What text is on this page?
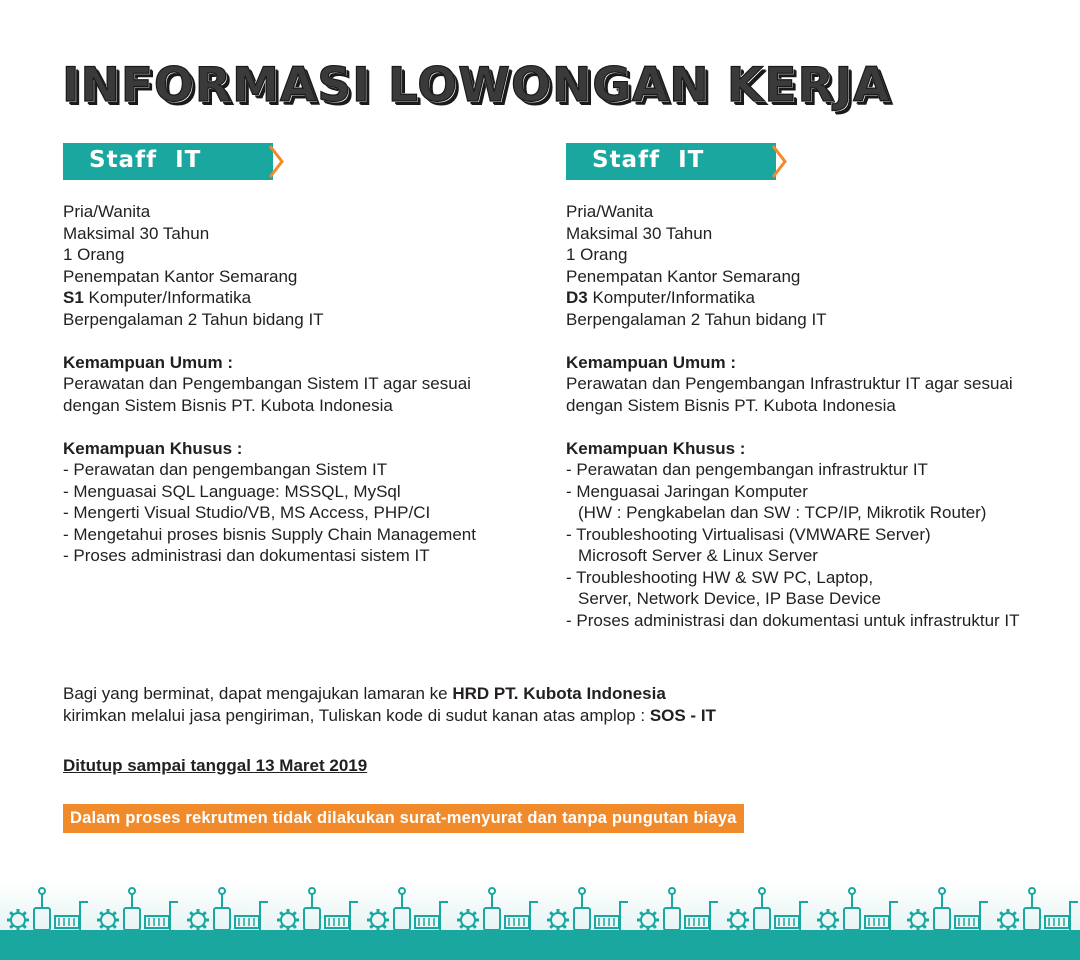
INFORMASI LOWONGAN KERJA
Staff  IT
Pria/Wanita
Maksimal 30 Tahun
1 Orang
Penempatan Kantor Semarang
S1 Komputer/Informatika
Berpengalaman 2 Tahun bidang IT
Kemampuan Umum :
Perawatan dan Pengembangan Sistem IT agar sesuai
dengan Sistem Bisnis PT. Kubota Indonesia
Kemampuan Khusus :
- Perawatan dan pengembangan Sistem IT
- Menguasai SQL Language: MSSQL, MySql
- Mengerti Visual Studio/VB, MS Access, PHP/CI
- Mengetahui proses bisnis Supply Chain Management
- Proses administrasi dan dokumentasi sistem IT
Staff  IT
Pria/Wanita
Maksimal 30 Tahun
1 Orang
Penempatan Kantor Semarang
D3 Komputer/Informatika
Berpengalaman 2 Tahun bidang IT
Kemampuan Umum :
Perawatan dan Pengembangan Infrastruktur IT agar sesuai
dengan Sistem Bisnis PT. Kubota Indonesia
Kemampuan Khusus :
- Perawatan dan pengembangan infrastruktur IT
- Menguasai Jaringan Komputer
(HW : Pengkabelan dan SW : TCP/IP, Mikrotik Router)
- Troubleshooting Virtualisasi (VMWARE Server)
Microsoft Server & Linux Server
- Troubleshooting HW & SW PC, Laptop,
Server, Network Device, IP Base Device
- Proses administrasi dan dokumentasi untuk infrastruktur IT
Bagi yang berminat, dapat mengajukan lamaran ke HRD PT. Kubota Indonesia
kirimkan melalui jasa pengiriman, Tuliskan kode di sudut kanan atas amplop : SOS - IT
Ditutup sampai tanggal 13 Maret 2019
Dalam proses rekrutmen tidak dilakukan surat-menyurat dan tanpa pungutan biaya
